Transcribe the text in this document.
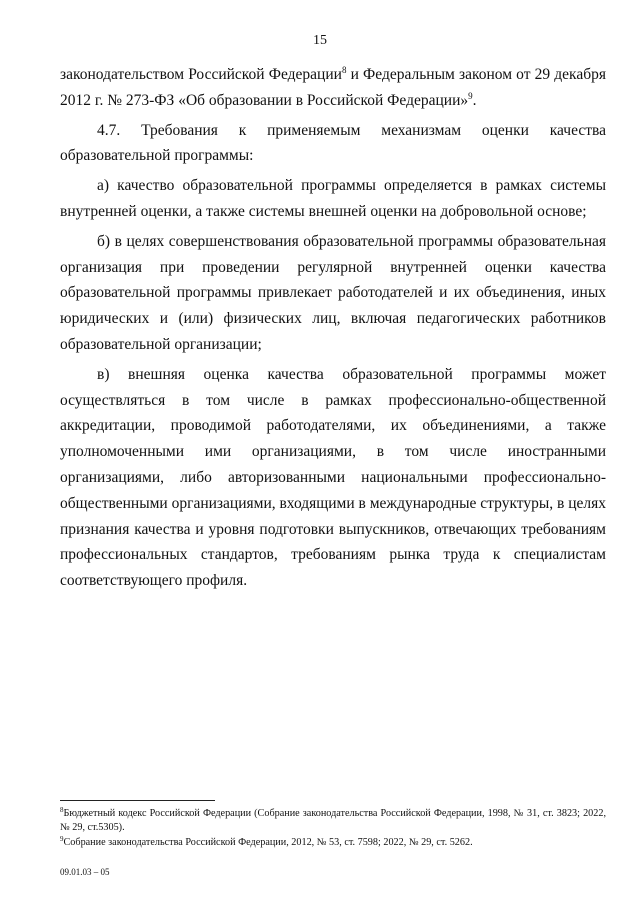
15

законодательством Российской Федерации$^8$ и Федеральным законом от 29 декабря 2012 г. № 273-ФЗ «Об образовании в Российской Федерации»$^9$.

4.7. Требования к применяемым механизмам оценки качества образовательной программы:

а) качество образовательной программы определяется в рамках системы внутренней оценки, а также системы внешней оценки на добровольной основе;

б) в целях совершенствования образовательной программы образовательная организация при проведении регулярной внутренней оценки качества образовательной программы привлекает работодателей и их объединения, иных юридических и (или) физических лиц, включая педагогических работников образовательной организации;

в) внешняя оценка качества образовательной программы может осуществляться в том числе в рамках профессионально-общественной аккредитации, проводимой работодателями, их объединениями, а также уполномоченными ими организациями, в том числе иностранными организациями, либо авторизованными национальными профессионально-общественными организациями, входящими в международные структуры, в целях признания качества и уровня подготовки выпускников, отвечающих требованиям профессиональных стандартов, требованиям рынка труда к специалистам соответствующего профиля.

$^8$Бюджетный кодекс Российской Федерации (Собрание законодательства Российской Федерации, 1998, № 31, ст. 3823; 2022, № 29, ст.5305).

$^9$Собрание законодательства Российской Федерации, 2012, № 53, ст. 7598; 2022, № 29, ст. 5262.

09.01.03 – 05
